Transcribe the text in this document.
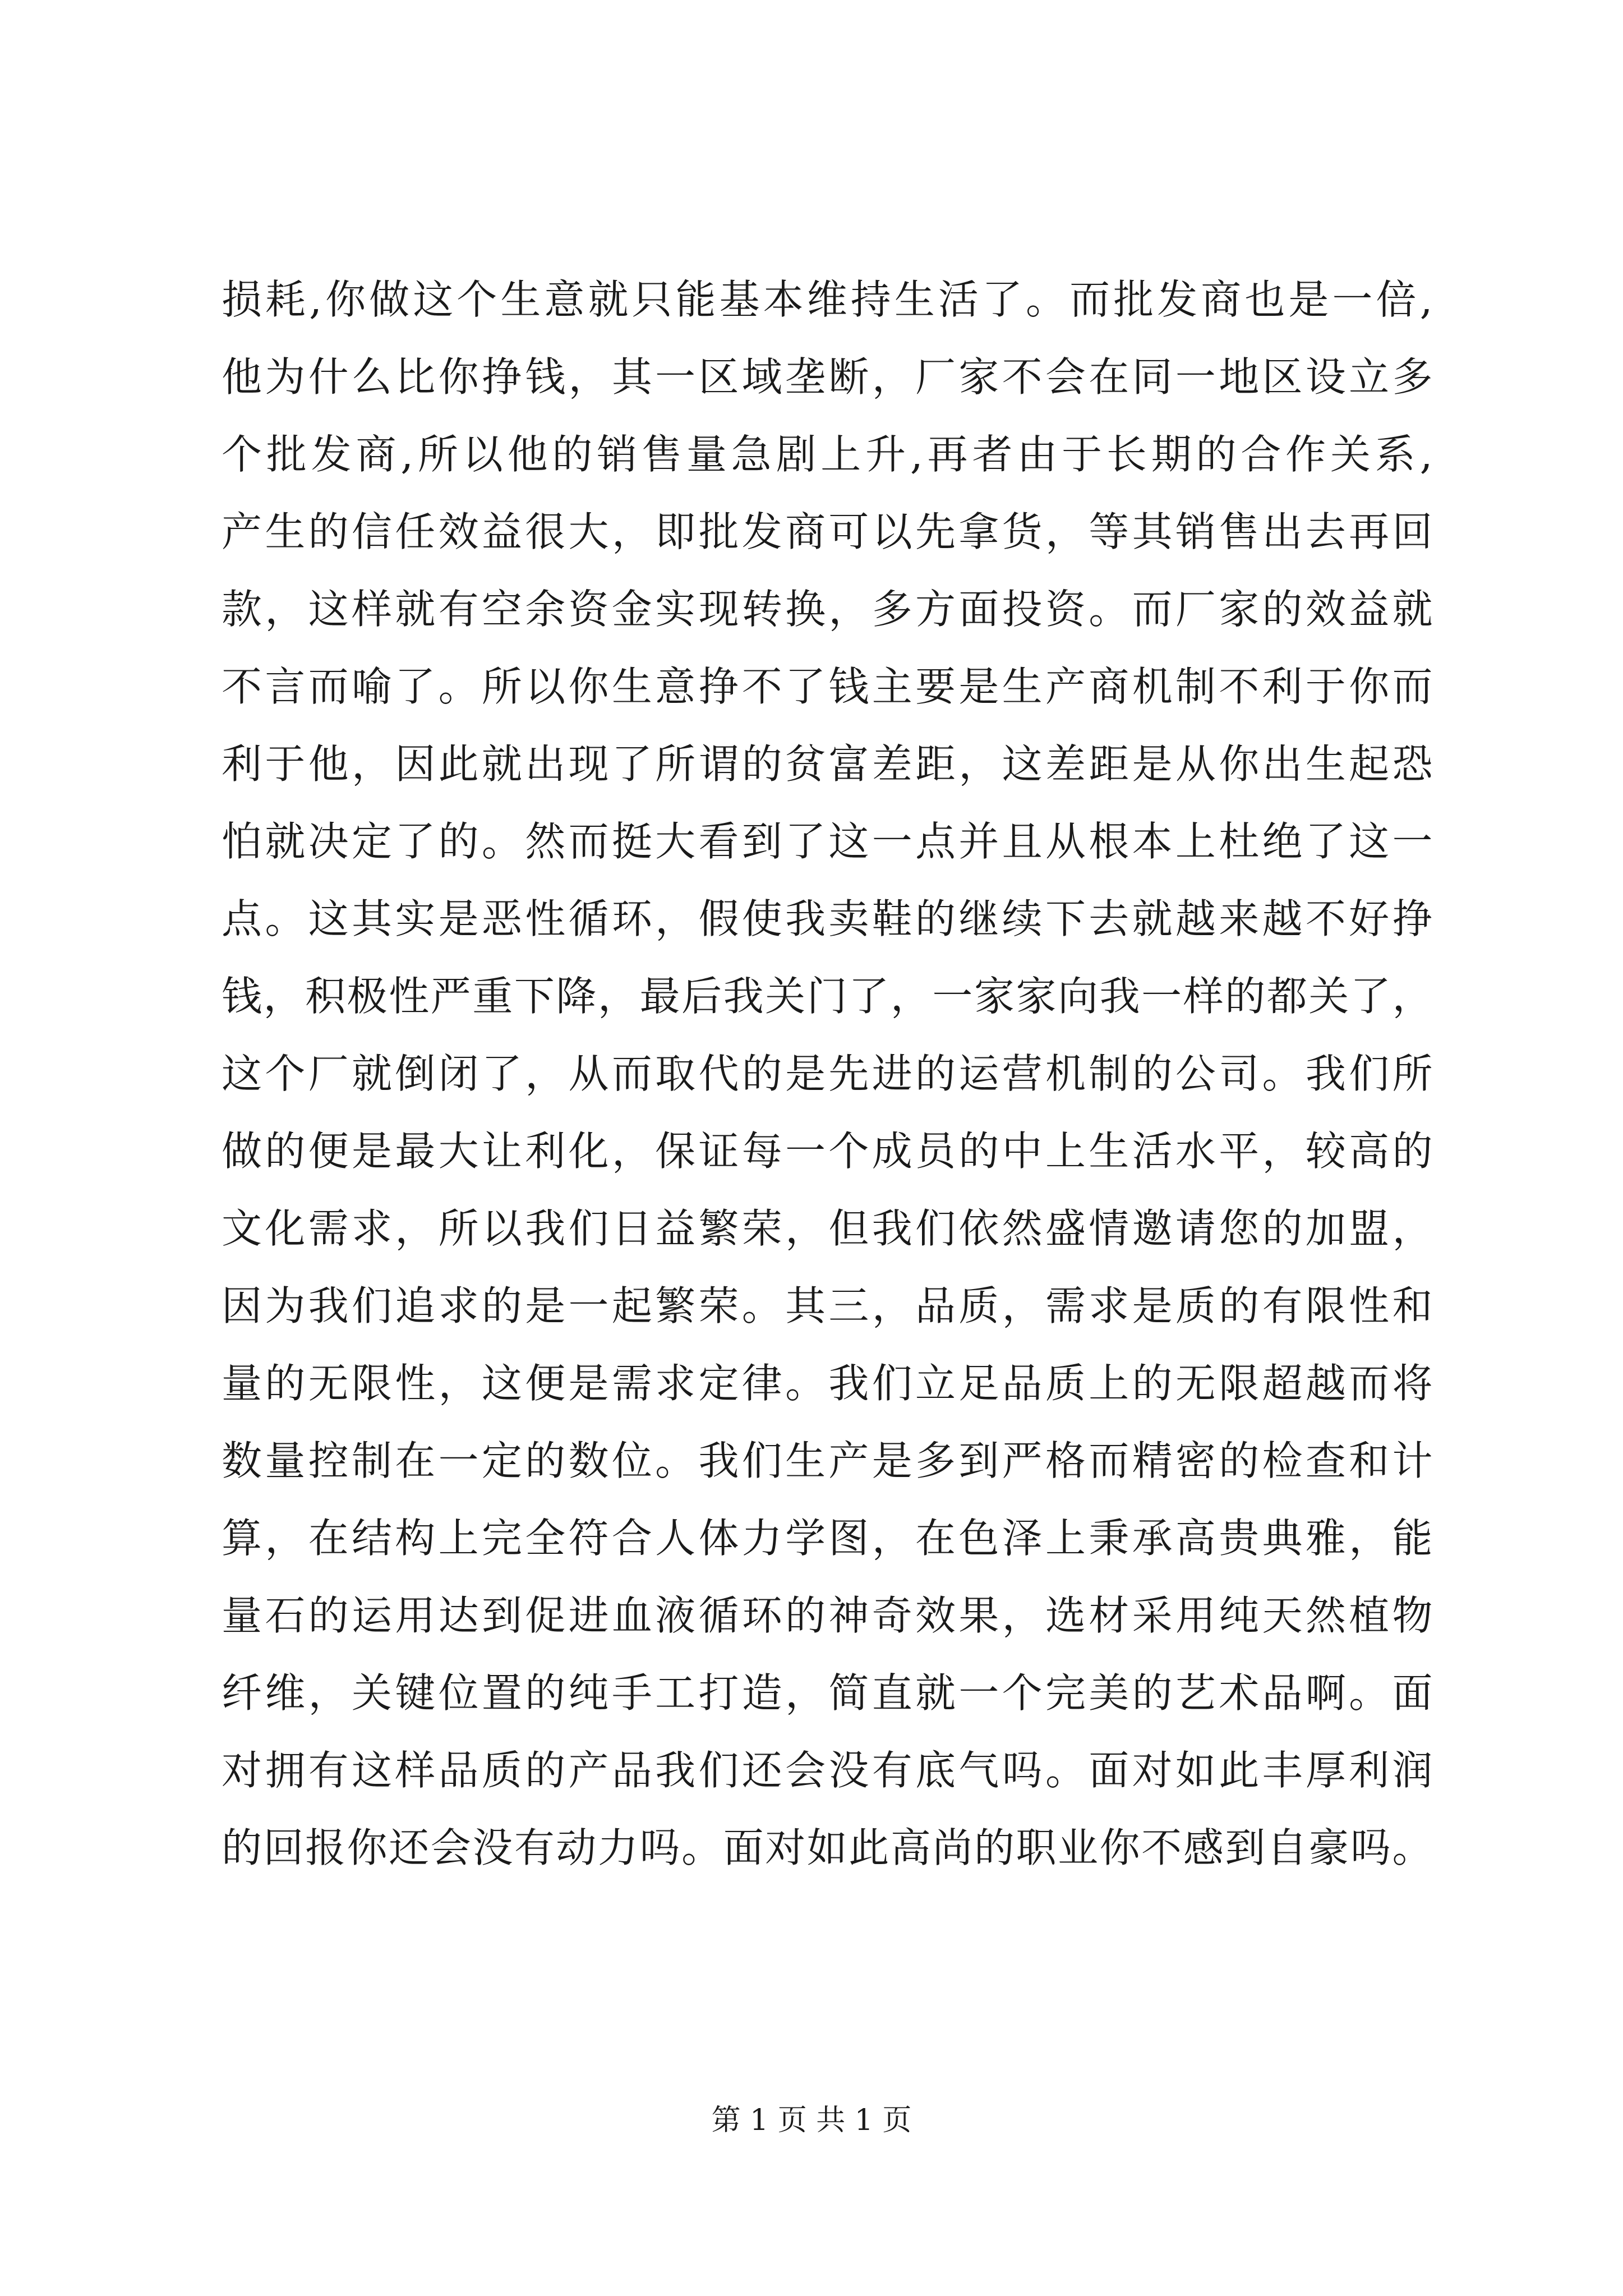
损耗,你做这个生意就只能基本维持生活了。而批发商也是一倍,
他为什么比你挣钱，其一区域垄断，厂家不会在同一地区设立多
个批发商,所以他的销售量急剧上升,再者由于长期的合作关系,
产生的信任效益很大，即批发商可以先拿货，等其销售出去再回
款，这样就有空余资金实现转换，多方面投资。而厂家的效益就
不言而喻了。所以你生意挣不了钱主要是生产商机制不利于你而
利于他，因此就出现了所谓的贫富差距，这差距是从你出生起恐
怕就决定了的。然而挺大看到了这一点并且从根本上杜绝了这一
点。这其实是恶性循环，假使我卖鞋的继续下去就越来越不好挣
钱，积极性严重下降，最后我关门了，一家家向我一样的都关了，
这个厂就倒闭了，从而取代的是先进的运营机制的公司。我们所
做的便是最大让利化，保证每一个成员的中上生活水平，较高的
文化需求，所以我们日益繁荣，但我们依然盛情邀请您的加盟，
因为我们追求的是一起繁荣。其三，品质，需求是质的有限性和
量的无限性，这便是需求定律。我们立足品质上的无限超越而将
数量控制在一定的数位。我们生产是多到严格而精密的检查和计
算，在结构上完全符合人体力学图，在色泽上秉承高贵典雅，能
量石的运用达到促进血液循环的神奇效果，选材采用纯天然植物
纤维，关键位置的纯手工打造，简直就一个完美的艺术品啊。面
对拥有这样品质的产品我们还会没有底气吗。面对如此丰厚利润
的回报你还会没有动力吗。面对如此高尚的职业你不感到自豪吗。
第 1 页 共 1 页
